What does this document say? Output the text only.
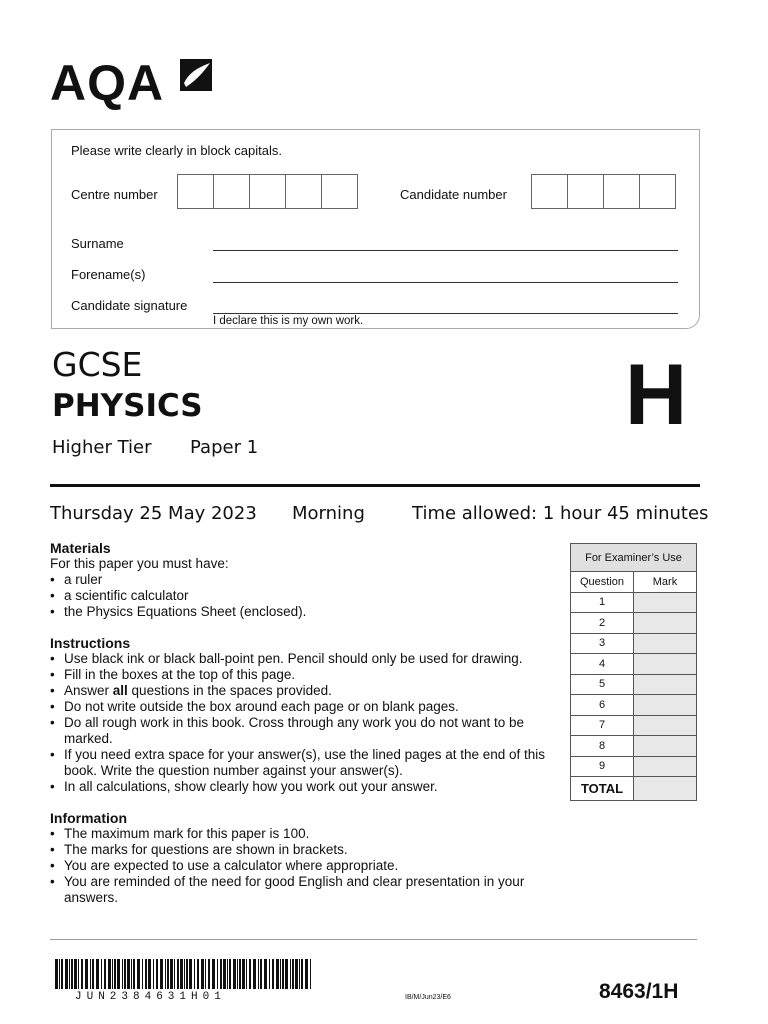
AQA
Please write clearly in block capitals.
Centre number	Candidate number
Surname
Forename(s)
Candidate signature
I declare this is my own work.
GCSE
PHYSICS
Higher Tier Paper 1
H
Thursday 25 May 2023 Morning	Time allowed: 1 hour 45 minutes
Materials
For this paper you must have:
• a ruler
• a scientific calculator
• the Physics Equations Sheet (enclosed).
Instructions
• Use black ink or black ball-point pen. Pencil should only be used for drawing.
• Fill in the boxes at the top of this page.
• Answer all questions in the spaces provided.
• Do not write outside the box around each page or on blank pages.
• Do all rough work in this book. Cross through any work you do not want to be marked.
• If you need extra space for your answer(s), use the lined pages at the end of this book. Write the question number against your answer(s).
• In all calculations, show clearly how you work out your answer.
Information
• The maximum mark for this paper is 100.
• The marks for questions are shown in brackets.
• You are expected to use a calculator where appropriate.
• You are reminded of the need for good English and clear presentation in your answers.
For Examiner’s Use	
Question	Mark
1	
2	
3	
4	
5	
6	
7	
8	
9	
TOTAL	
JUN2384631H01	IB/M/Jun23/E6	8463/1H
